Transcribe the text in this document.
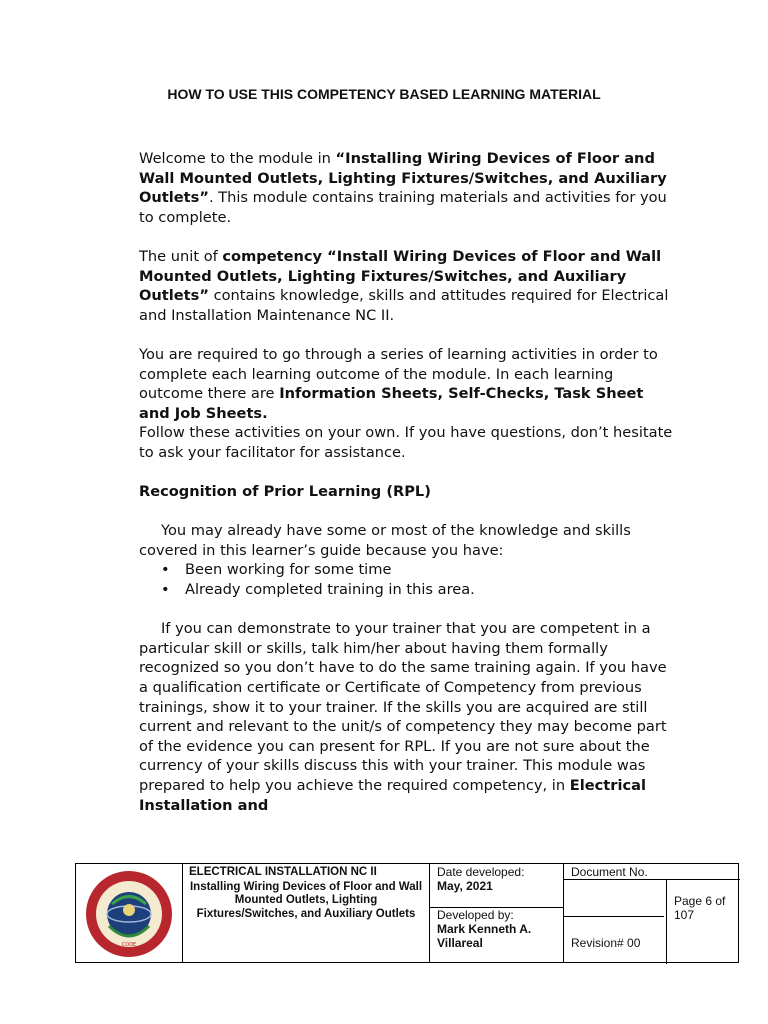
HOW TO USE THIS COMPETENCY BASED LEARNING MATERIAL

Welcome to the module in “Installing Wiring Devices of Floor and
Wall Mounted Outlets, Lighting Fixtures/Switches, and Auxiliary Outlets”. This module contains training materials and activities for you to complete.

The unit of competency “Install Wiring Devices of Floor and Wall
Mounted Outlets, Lighting Fixtures/Switches, and Auxiliary Outlets” contains knowledge, skills and attitudes required for Electrical and Installation Maintenance NC II.

You are required to go through a series of learning activities in order to complete each learning outcome of the module. In each learning outcome there are Information Sheets, Self-Checks, Task Sheet and Job Sheets.
Follow these activities on your own. If you have questions, don’t hesitate to ask your facilitator for assistance.

Recognition of Prior Learning (RPL)

You may already have some or most of the knowledge and skills covered in this learner’s guide because you have:

• Been working for some time
• Already completed training in this area.

If you can demonstrate to your trainer that you are competent in a particular skill or skills, talk him/her about having them formally recognized so you don’t have to do the same training again. If you have a qualification certificate or Certificate of Competency from previous trainings, show it to your trainer. If the skills you are acquired are still current and relevant to the unit/s of competency they may become part of the evidence you can present for RPL. If you are not sure about the currency of your skills discuss this with your trainer. This module was prepared to help you achieve the required competency, in Electrical Installation and

CODE
ELECTRICAL INSTALLATION NC II
Installing Wiring Devices of Floor and Wall Mounted Outlets, Lighting Fixtures/Switches, and Auxiliary Outlets
Date developed:
May, 2021
Developed by:
Mark Kenneth A. Villareal
Document No.
Revision# 00
Page 6 of 107
